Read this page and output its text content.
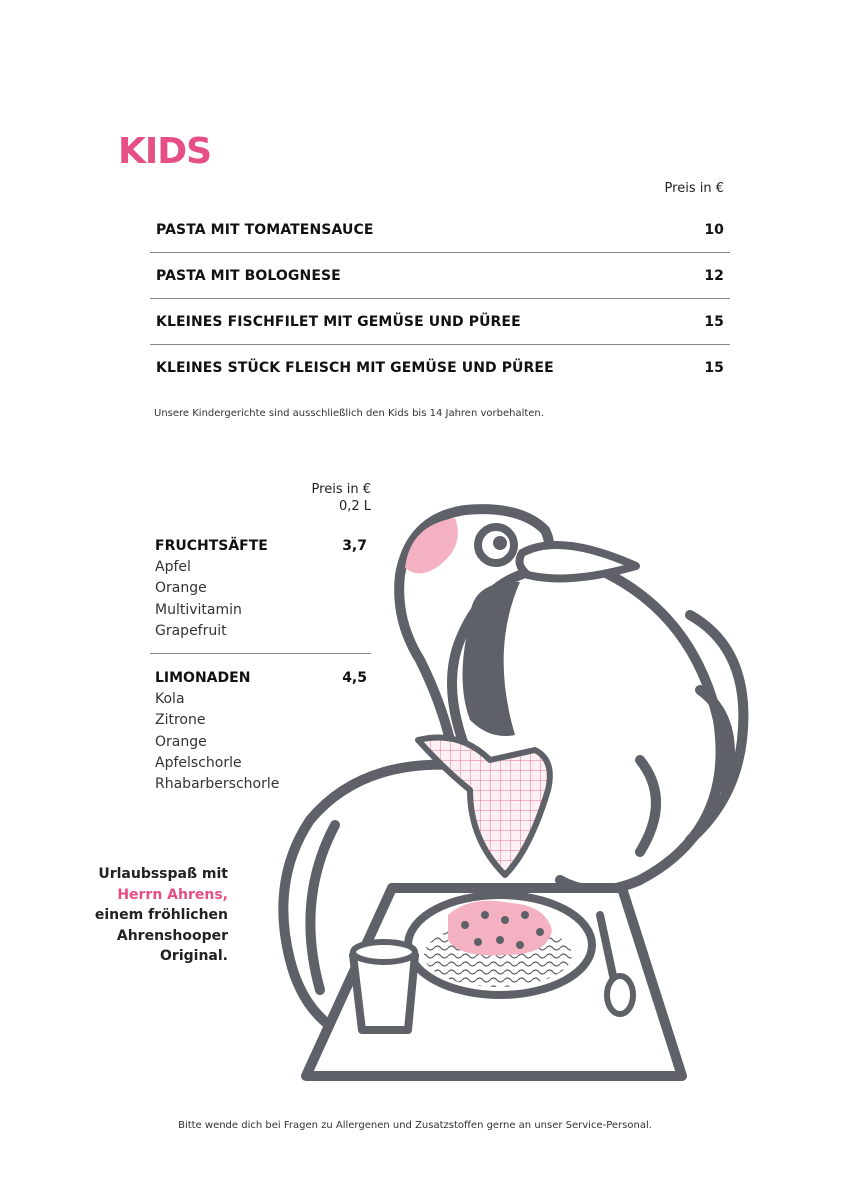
KIDS
Preis in €
PASTA MIT TOMATENSAUCE	10
PASTA MIT BOLOGNESE	12
KLEINES FISCHFILET MIT GEMÜSE UND PÜREE	15
KLEINES STÜCK FLEISCH MIT GEMÜSE UND PÜREE	15
Unsere Kindergerichte sind ausschließlich den Kids bis 14 Jahren vorbehalten.
Preis in €
0,2 L
FRUCHTSÄFTE	3,7
Apfel
Orange
Multivitamin
Grapefruit
LIMONADEN	4,5
Kola
Zitrone
Orange
Apfelschorle
Rhabarberschorle
Urlaubsspaß mit
Herrn Ahrens,
einem fröhlichen
Ahrenshooper
Original.
Bitte wende dich bei Fragen zu Allergenen und Zusatzstoffen gerne an unser Service-Personal.
